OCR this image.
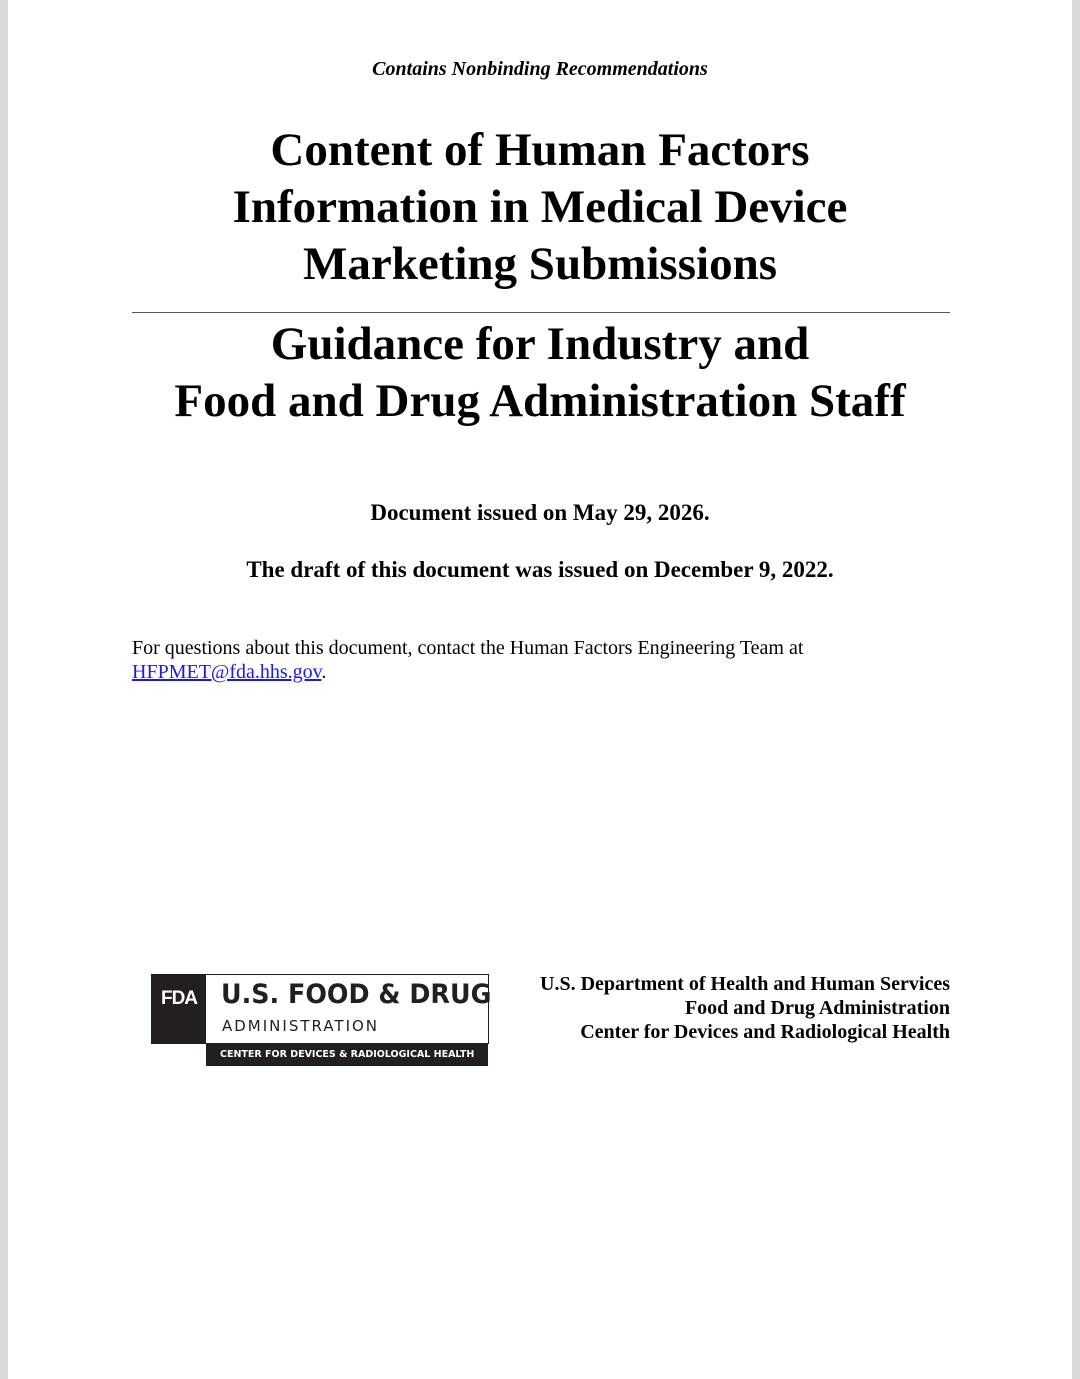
Contains Nonbinding Recommendations

Content of Human Factors
Information in Medical Device
Marketing Submissions
Guidance for Industry and
Food and Drug Administration Staff

Document issued on May 29, 2026.

The draft of this document was issued on December 9, 2022.

For questions about this document, contact the Human Factors Engineering Team at
HFPMET@fda.hhs.gov.

FDA U.S. FOOD & DRUG
ADMINISTRATION
CENTER FOR DEVICES & RADIOLOGICAL HEALTH
U.S. Department of Health and Human Services
Food and Drug Administration
Center for Devices and Radiological Health
